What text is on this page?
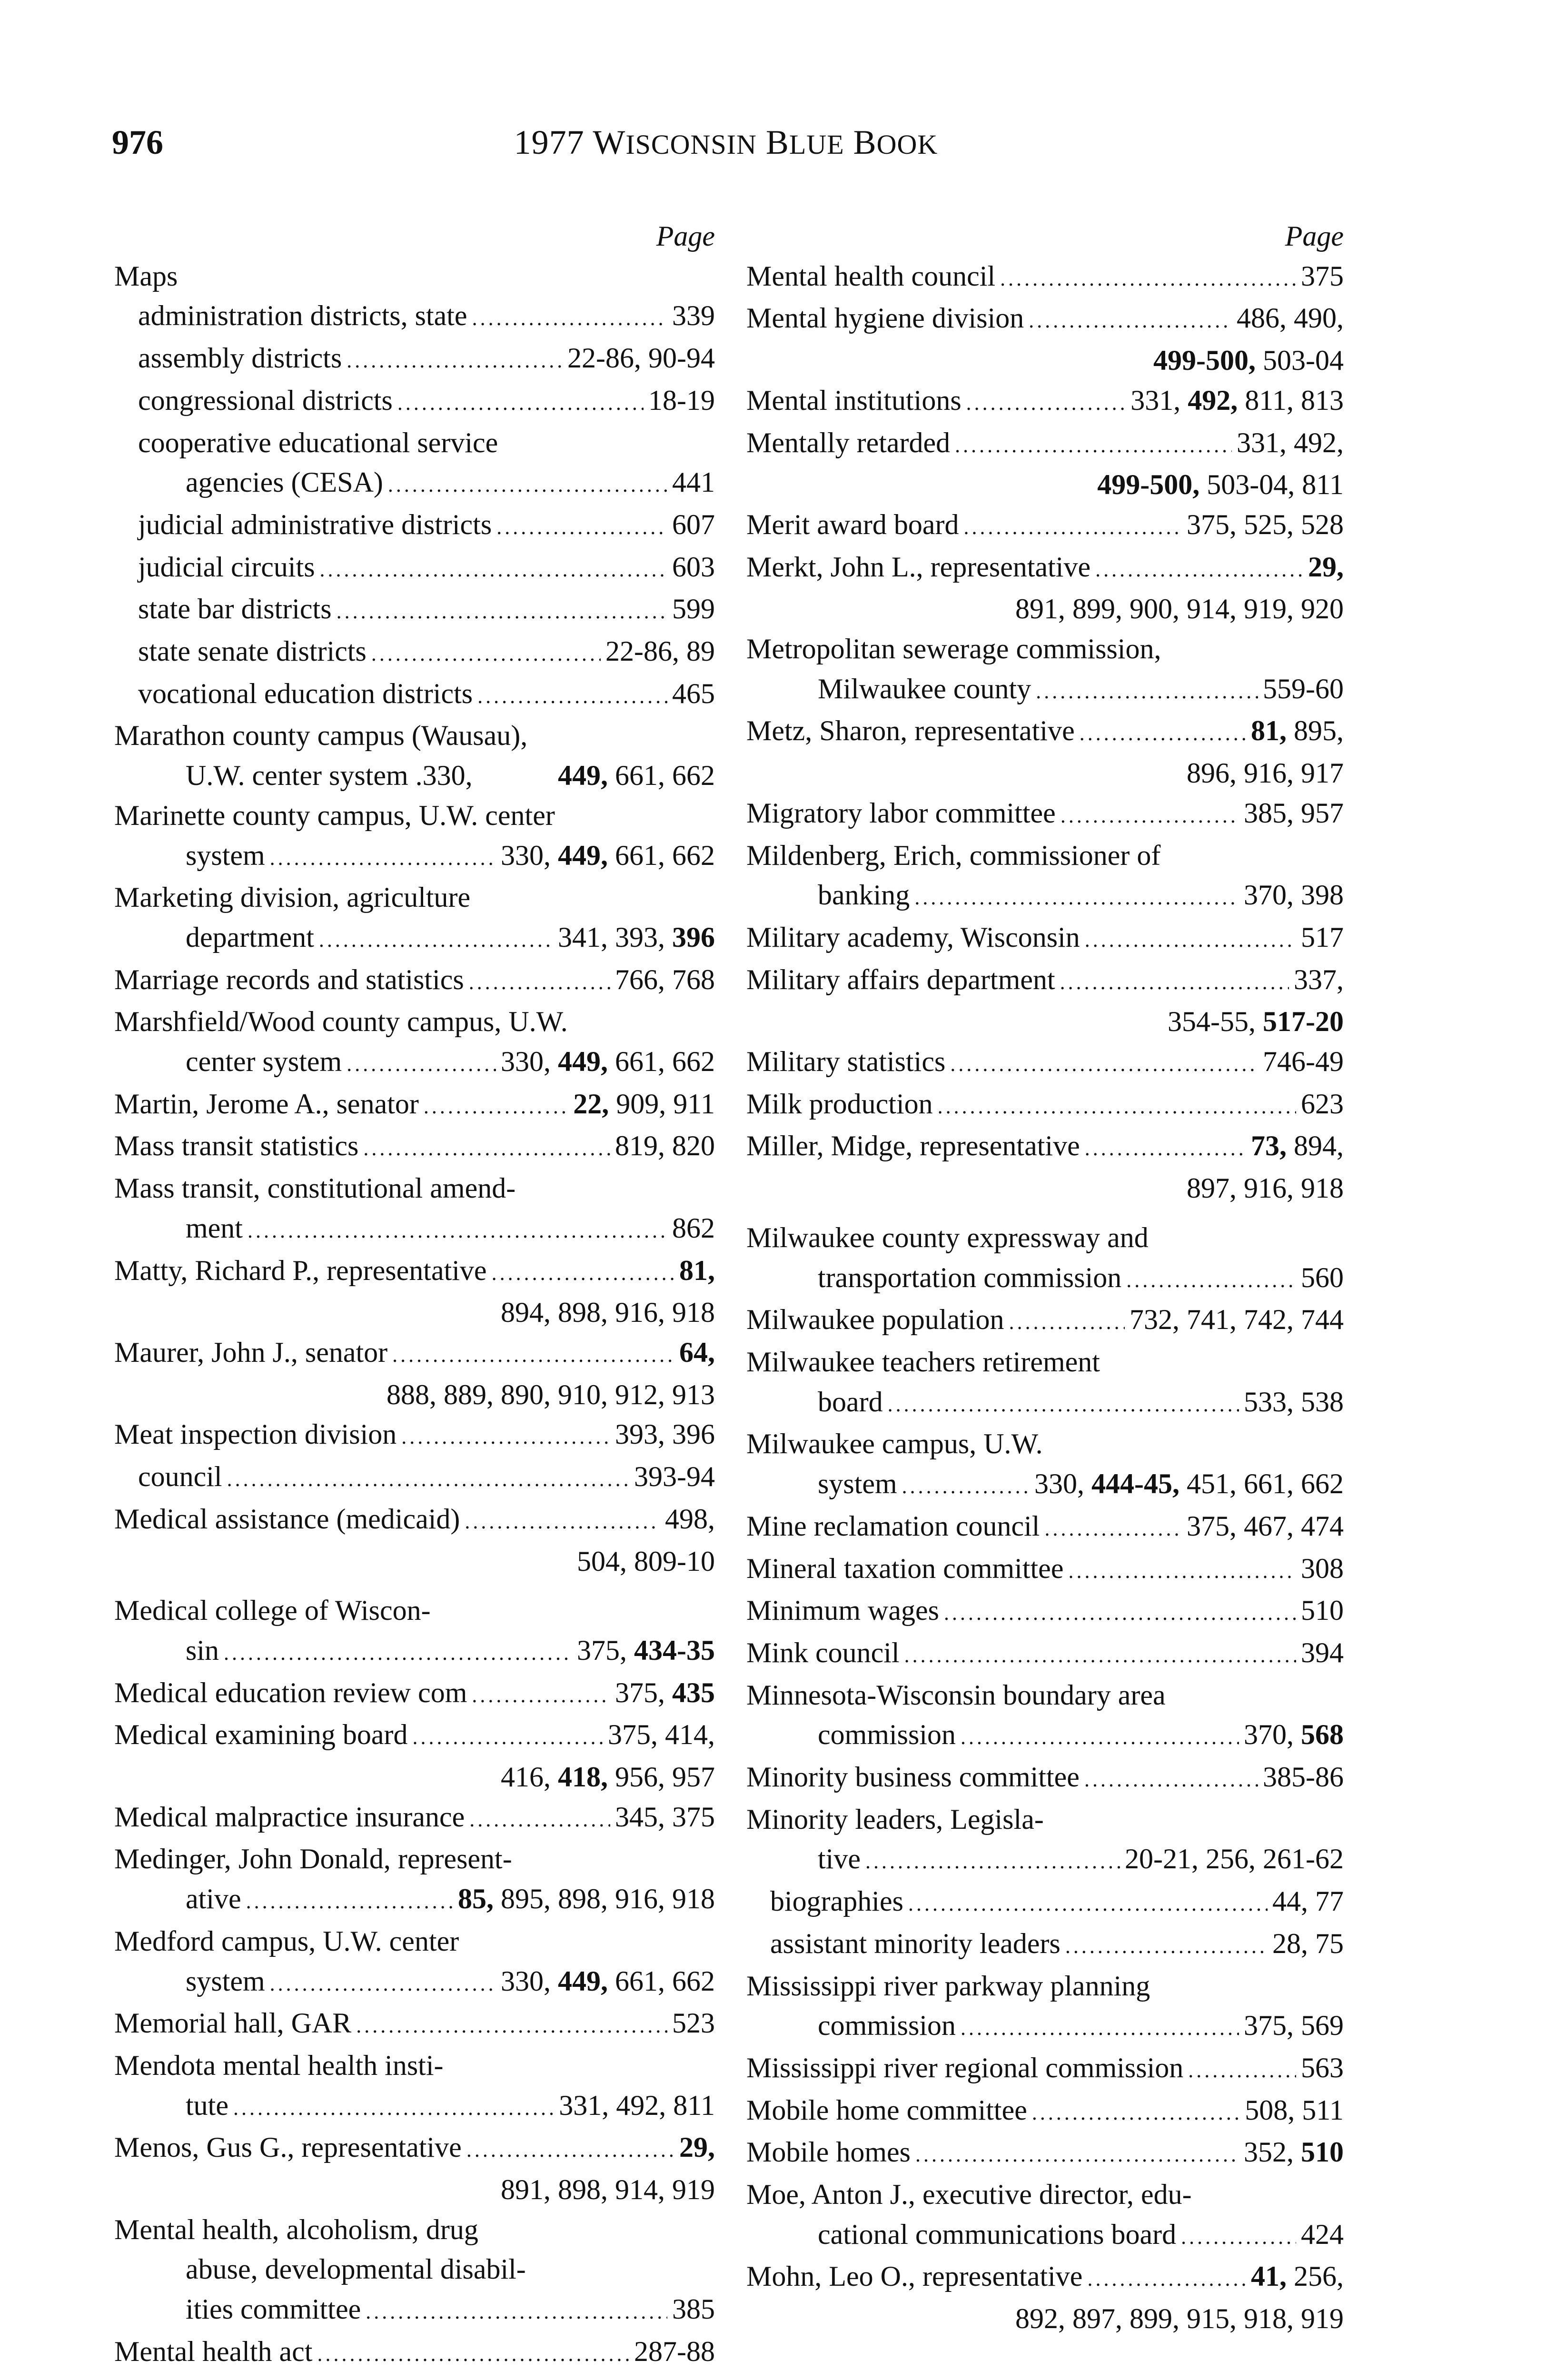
976	1977 WISCONSIN BLUE BOOK
Page
Maps
administration districts, state .....	339
assembly districts .....	22-86, 90-94
congressional districts .....	18-19
cooperative educational service
agencies (CESA) .....	441
judicial administrative districts .....	607
judicial circuits .....	603
state bar districts .....	599
state senate districts .....	22-86, 89
vocational education districts .....	465
Marathon county campus (Wausau),
U.W. center system .330,	449, 661, 662
Marinette county campus, U.W. center
system .....	330, 449, 661, 662
Marketing division, agriculture
department .....	341, 393, 396
Marriage records and statistics .....	766, 768
Marshfield/Wood county campus, U.W.
center system .....	330, 449, 661, 662
Martin, Jerome A., senator .....	22, 909, 911
Mass transit statistics .....	819, 820
Mass transit, constitutional amend-
ment .....	862
Matty, Richard P., representative .....	81,
894, 898, 916, 918
Maurer, John J., senator .....	64,
888, 889, 890, 910, 912, 913
Meat inspection division .....	393, 396
council .....	393-94
Medical assistance (medicaid) .....	498,
504, 809-10
Medical college of Wiscon-
sin .....	375, 434-35
Medical education review com .....	375, 435
Medical examining board .....	375, 414,
416, 418, 956, 957
Medical malpractice insurance .....	345, 375
Medinger, John Donald, represent-
ative .....	85, 895, 898, 916, 918
Medford campus, U.W. center
system .....	330, 449, 661, 662
Memorial hall, GAR .....	523
Mendota mental health insti-
tute .....	331, 492, 811
Menos, Gus G., representative .....	29,
891, 898, 914, 919
Mental health, alcoholism, drug
abuse, developmental disabil-
ities committee .....	385
Mental health act .....	287-88
Page
Mental health council .....	375
Mental hygiene division .....	486, 490,
499-500, 503-04
Mental institutions .....	331, 492, 811, 813
Mentally retarded .....	331, 492,
499-500, 503-04, 811
Merit award board .....	375, 525, 528
Merkt, John L., representative .....	29,
891, 899, 900, 914, 919, 920
Metropolitan sewerage commission,
Milwaukee county .....	559-60
Metz, Sharon, representative .....	81, 895,
896, 916, 917
Migratory labor committee .....	385, 957
Mildenberg, Erich, commissioner of
banking .....	370, 398
Military academy, Wisconsin .....	517
Military affairs department .....	337,
354-55, 517-20
Military statistics .....	746-49
Milk production .....	623
Miller, Midge, representative .....	73, 894,
897, 916, 918
Milwaukee county expressway and
transportation commission .....	560
Milwaukee population .....	732, 741, 742, 744
Milwaukee teachers retirement
board .....	533, 538
Milwaukee campus, U.W.
system .....	330, 444-45, 451, 661, 662
Mine reclamation council .....	375, 467, 474
Mineral taxation committee .....	308
Minimum wages .....	510
Mink council .....	394
Minnesota-Wisconsin boundary area
commission .....	370, 568
Minority business committee .....	385-86
Minority leaders, Legisla-
tive .....	20-21, 256, 261-62
biographies .....	44, 77
assistant minority leaders .....	28, 75
Mississippi river parkway planning
commission .....	375, 569
Mississippi river regional commission .....	563
Mobile home committee .....	508, 511
Mobile homes .....	352, 510
Moe, Anton J., executive director, edu-
cational communications board .....	424
Mohn, Leo O., representative .....	41, 256,
892, 897, 899, 915, 918, 919
